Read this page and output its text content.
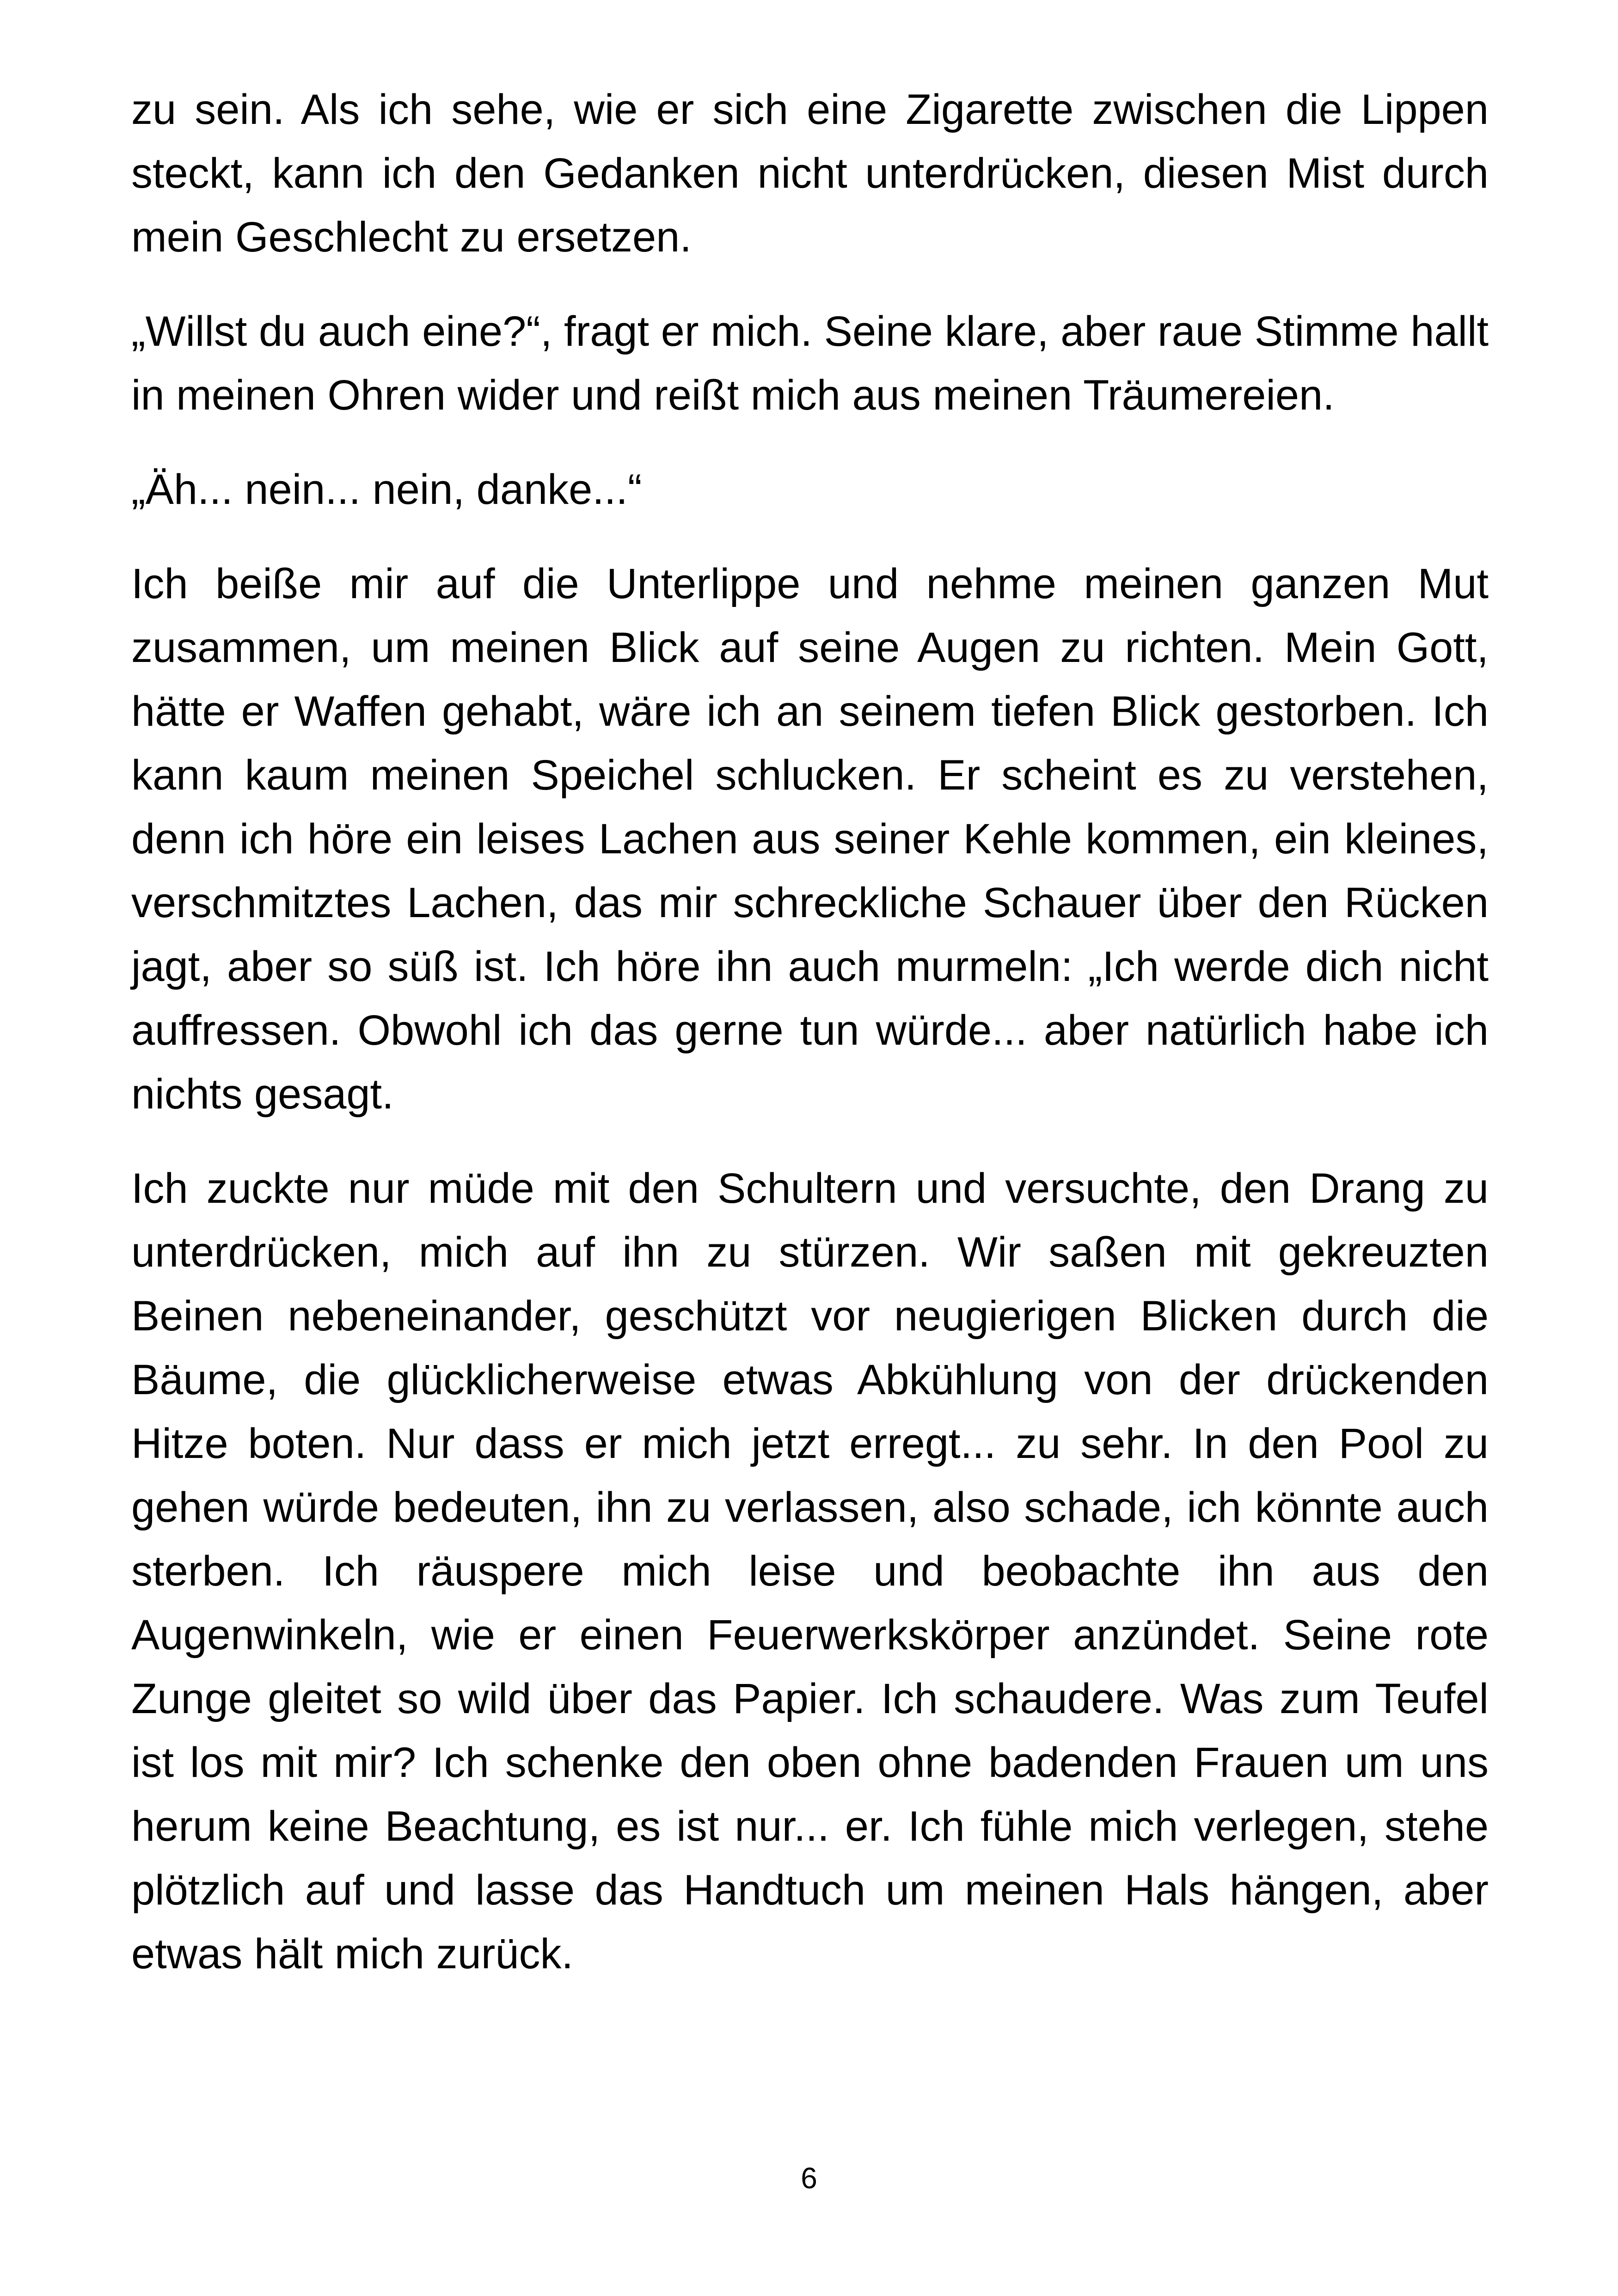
zu sein. Als ich sehe, wie er sich eine Zigarette zwischen die Lippen steckt, kann ich den Gedanken nicht unterdrücken, diesen Mist durch mein Geschlecht zu ersetzen.

„Willst du auch eine?“, fragt er mich. Seine klare, aber raue Stimme hallt in meinen Ohren wider und reißt mich aus meinen Träumereien.

„Äh... nein... nein, danke...“

Ich beiße mir auf die Unterlippe und nehme meinen ganzen Mut zusammen, um meinen Blick auf seine Augen zu richten. Mein Gott, hätte er Waffen gehabt, wäre ich an seinem tiefen Blick gestorben. Ich kann kaum meinen Speichel schlucken. Er scheint es zu verstehen, denn ich höre ein leises Lachen aus seiner Kehle kommen, ein kleines, verschmitztes Lachen, das mir schreckliche Schauer über den Rücken jagt, aber so süß ist. Ich höre ihn auch murmeln: „Ich werde dich nicht auffressen. Obwohl ich das gerne tun würde... aber natürlich habe ich nichts gesagt.

Ich zuckte nur müde mit den Schultern und versuchte, den Drang zu unterdrücken, mich auf ihn zu stürzen. Wir saßen mit gekreuzten Beinen nebeneinander, geschützt vor neugierigen Blicken durch die Bäume, die glücklicherweise etwas Abkühlung von der drückenden Hitze boten. Nur dass er mich jetzt erregt... zu sehr. In den Pool zu gehen würde bedeuten, ihn zu verlassen, also schade, ich könnte auch sterben. Ich räuspere mich leise und beobachte ihn aus den Augenwinkeln, wie er einen Feuerwerkskörper anzündet. Seine rote Zunge gleitet so wild über das Papier. Ich schaudere. Was zum Teufel ist los mit mir? Ich schenke den oben ohne badenden Frauen um uns herum keine Beachtung, es ist nur... er. Ich fühle mich verlegen, stehe plötzlich auf und lasse das Handtuch um meinen Hals hängen, aber etwas hält mich zurück.

6
